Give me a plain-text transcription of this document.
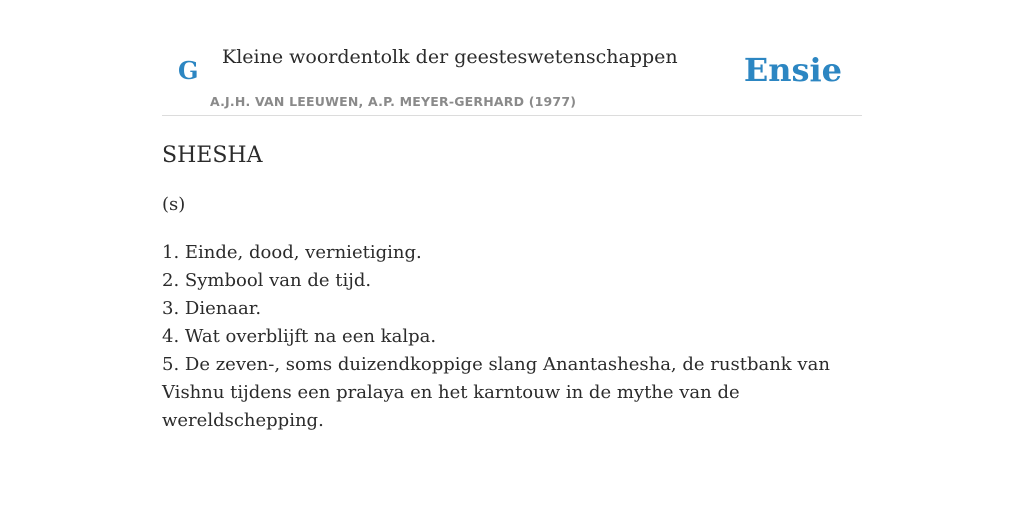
G Kleine woordentolk der geesteswetenschappen
A.J.H. VAN LEEUWEN, A.P. MEYER-GERHARD (1977)
Ensie
SHESHA
(s)
1. Einde, dood, vernietiging.
2. Symbool van de tijd.
3. Dienaar.
4. Wat overblijft na een kalpa.
5. De zeven-, soms duizendkoppige slang Anantashesha, de rustbank van Vishnu tijdens een pralaya en het karntouw in de mythe van de wereldschepping.
